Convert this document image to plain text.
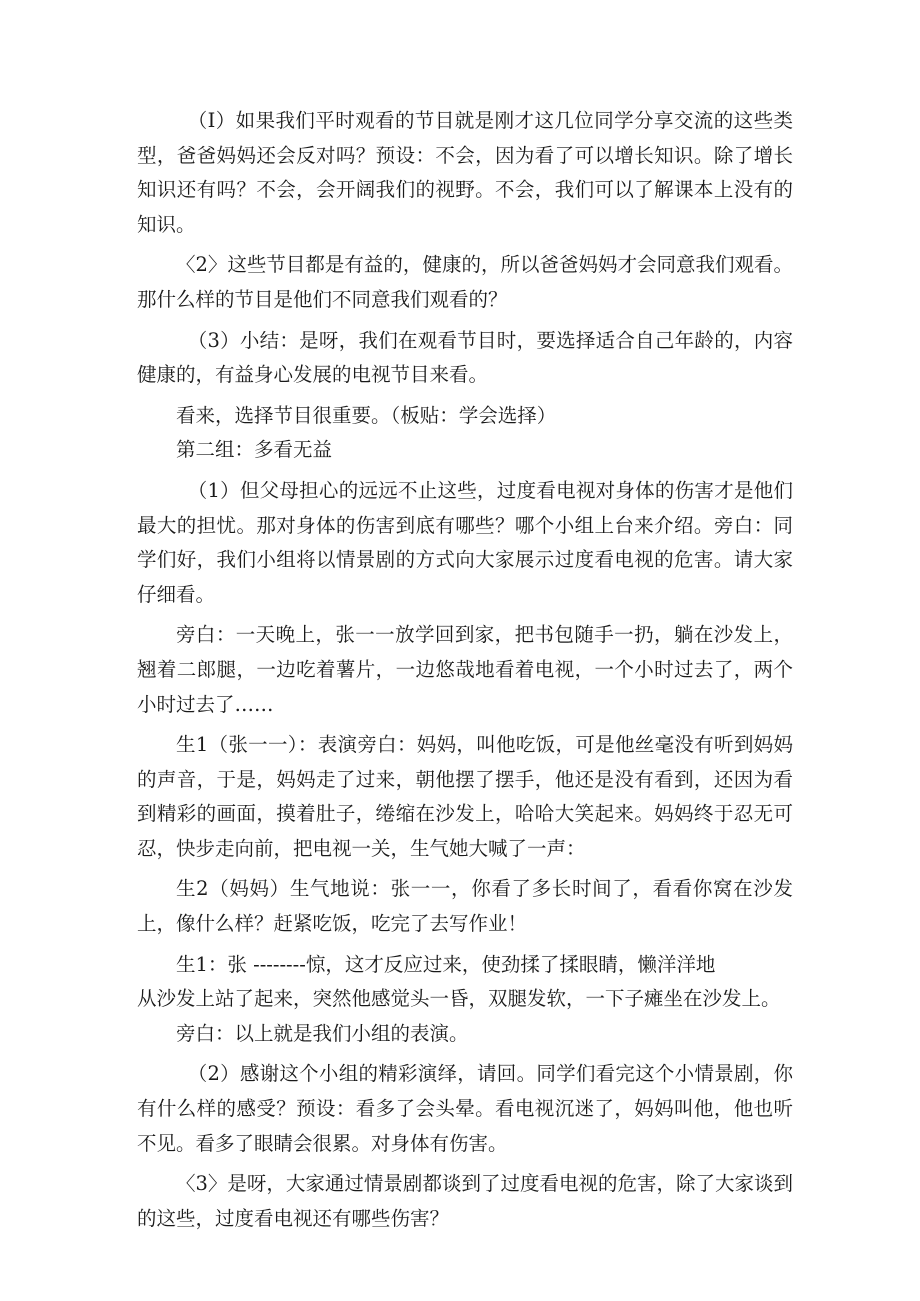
（I）如果我们平时观看的节目就是刚才这几位同学分享交流的这些类型，爸爸妈妈还会反对吗？预设：不会，因为看了可以增长知识。除了增长知识还有吗？不会，会开阔我们的视野。不会，我们可以了解课本上没有的知识。

〈2〉这些节目都是有益的，健康的，所以爸爸妈妈才会同意我们观看。那什么样的节目是他们不同意我们观看的？

（3）小结：是呀，我们在观看节目时，要选择适合自己年龄的，内容健康的，有益身心发展的电视节目来看。

看来，选择节目很重要。（板贴：学会选择）

第二组：多看无益

（1）但父母担心的远远不止这些，过度看电视对身体的伤害才是他们最大的担忧。那对身体的伤害到底有哪些？哪个小组上台来介绍。旁白：同学们好，我们小组将以情景剧的方式向大家展示过度看电视的危害。请大家仔细看。

旁白：一天晚上，张一一放学回到家，把书包随手一扔，躺在沙发上，翘着二郎腿，一边吃着薯片，一边悠哉地看着电视，一个小时过去了，两个小时过去了……

生1（张一一）：表演旁白：妈妈，叫他吃饭，可是他丝毫没有听到妈妈的声音，于是，妈妈走了过来，朝他摆了摆手，他还是没有看到，还因为看到精彩的画面，摸着肚子，绻缩在沙发上，哈哈大笑起来。妈妈终于忍无可忍，快步走向前，把电视一关，生气她大喊了一声：

生2（妈妈）生气地说：张一一，你看了多长时间了，看看你窝在沙发上，像什么样？赶紧吃饭，吃完了去写作业！

生1：张 --------惊，这才反应过来，使劲揉了揉眼睛，懒洋洋地

从沙发上站了起来，突然他感觉头一昏，双腿发软，一下子瘫坐在沙发上。

旁白：以上就是我们小组的表演。

（2）感谢这个小组的精彩演绎，请回。同学们看完这个小情景剧，你有什么样的感受？预设：看多了会头晕。看电视沉迷了，妈妈叫他，他也听不见。看多了眼睛会很累。对身体有伤害。

〈3〉是呀，大家通过情景剧都谈到了过度看电视的危害，除了大家谈到的这些，过度看电视还有哪些伤害？
